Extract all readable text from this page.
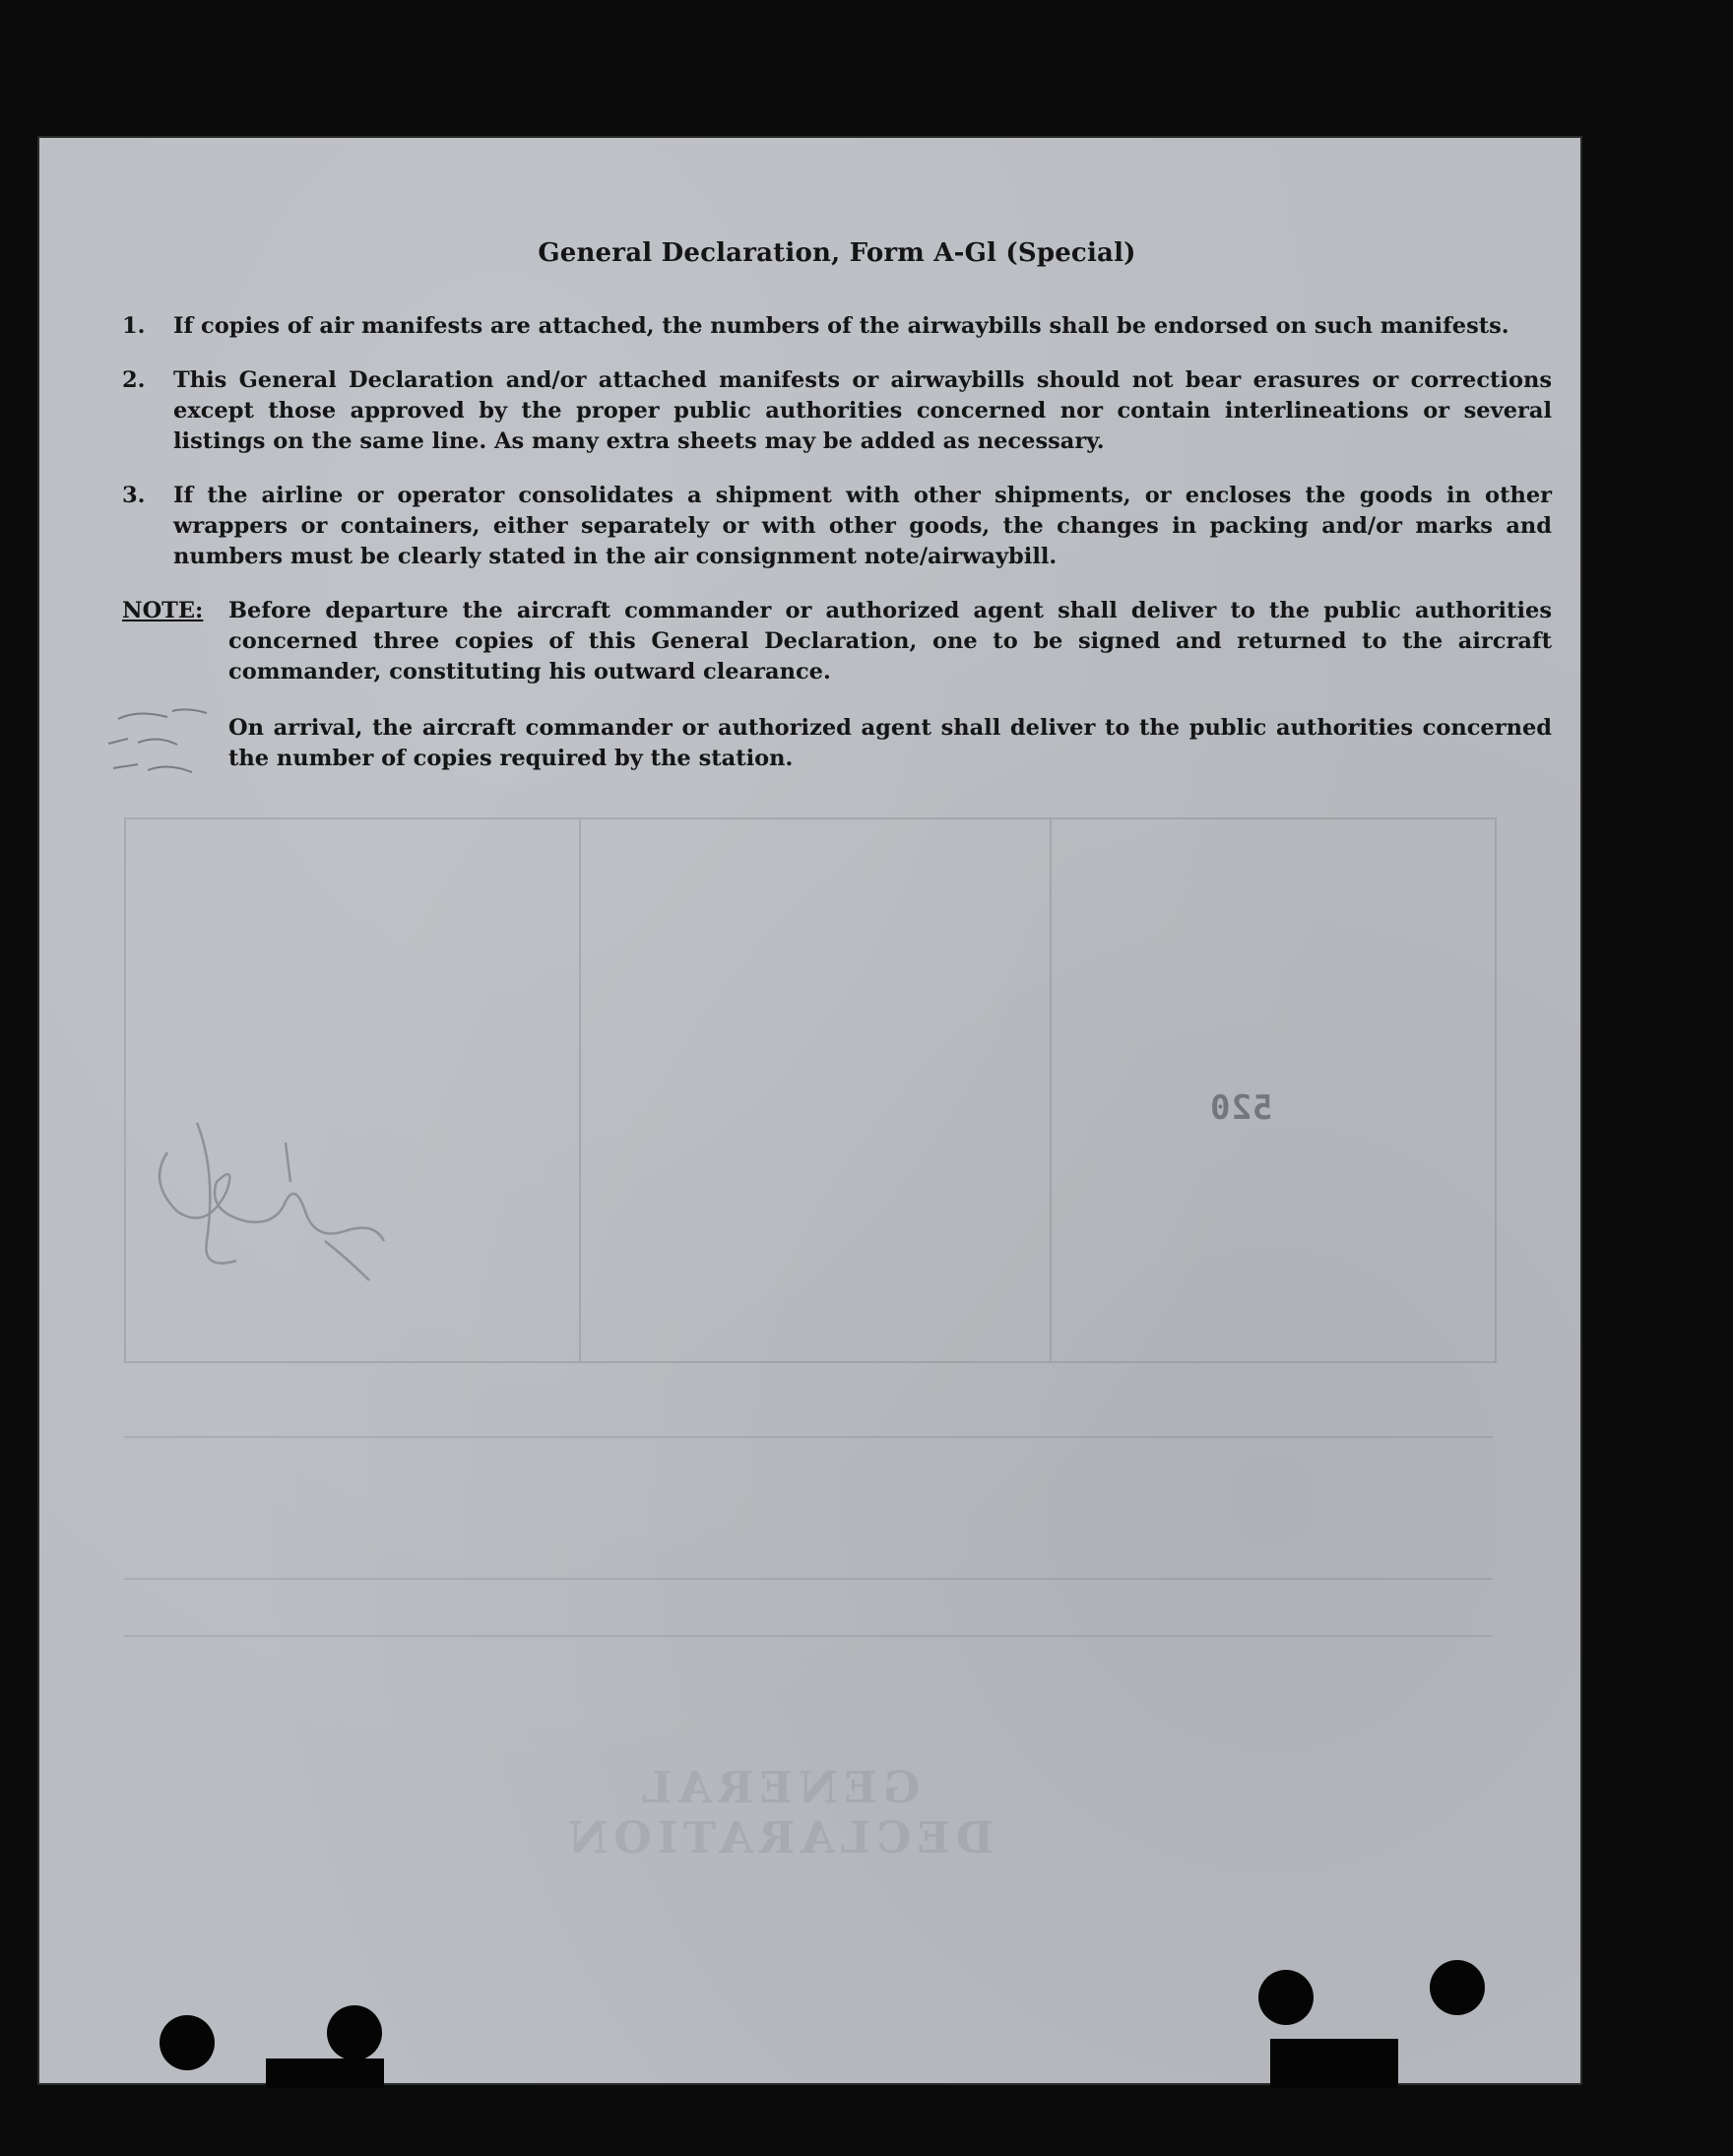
General Declaration, Form A-Gl (Special)
1.	If copies of air manifests are attached, the numbers of the airwaybills shall be endorsed on such manifests.
2.	This General Declaration and/or attached manifests or airwaybills should not bear erasures or corrections except those approved by the proper public authorities concerned nor contain interlineations or several listings on the same line. As many extra sheets may be added as necessary.
3.	If the airline or operator consolidates a shipment with other shipments, or encloses the goods in other wrappers or containers, either separately or with other goods, the changes in packing and/or marks and numbers must be clearly stated in the air consignment note/airwaybill.
NOTE:	Before departure the aircraft commander or authorized agent shall deliver to the public authorities concerned three copies of this General Declaration, one to be signed and returned to the aircraft commander, constituting his outward clearance.

On arrival, the aircraft commander or authorized agent shall deliver to the public authorities concerned the number of copies required by the station.

520
GENERAL DECLARATION
